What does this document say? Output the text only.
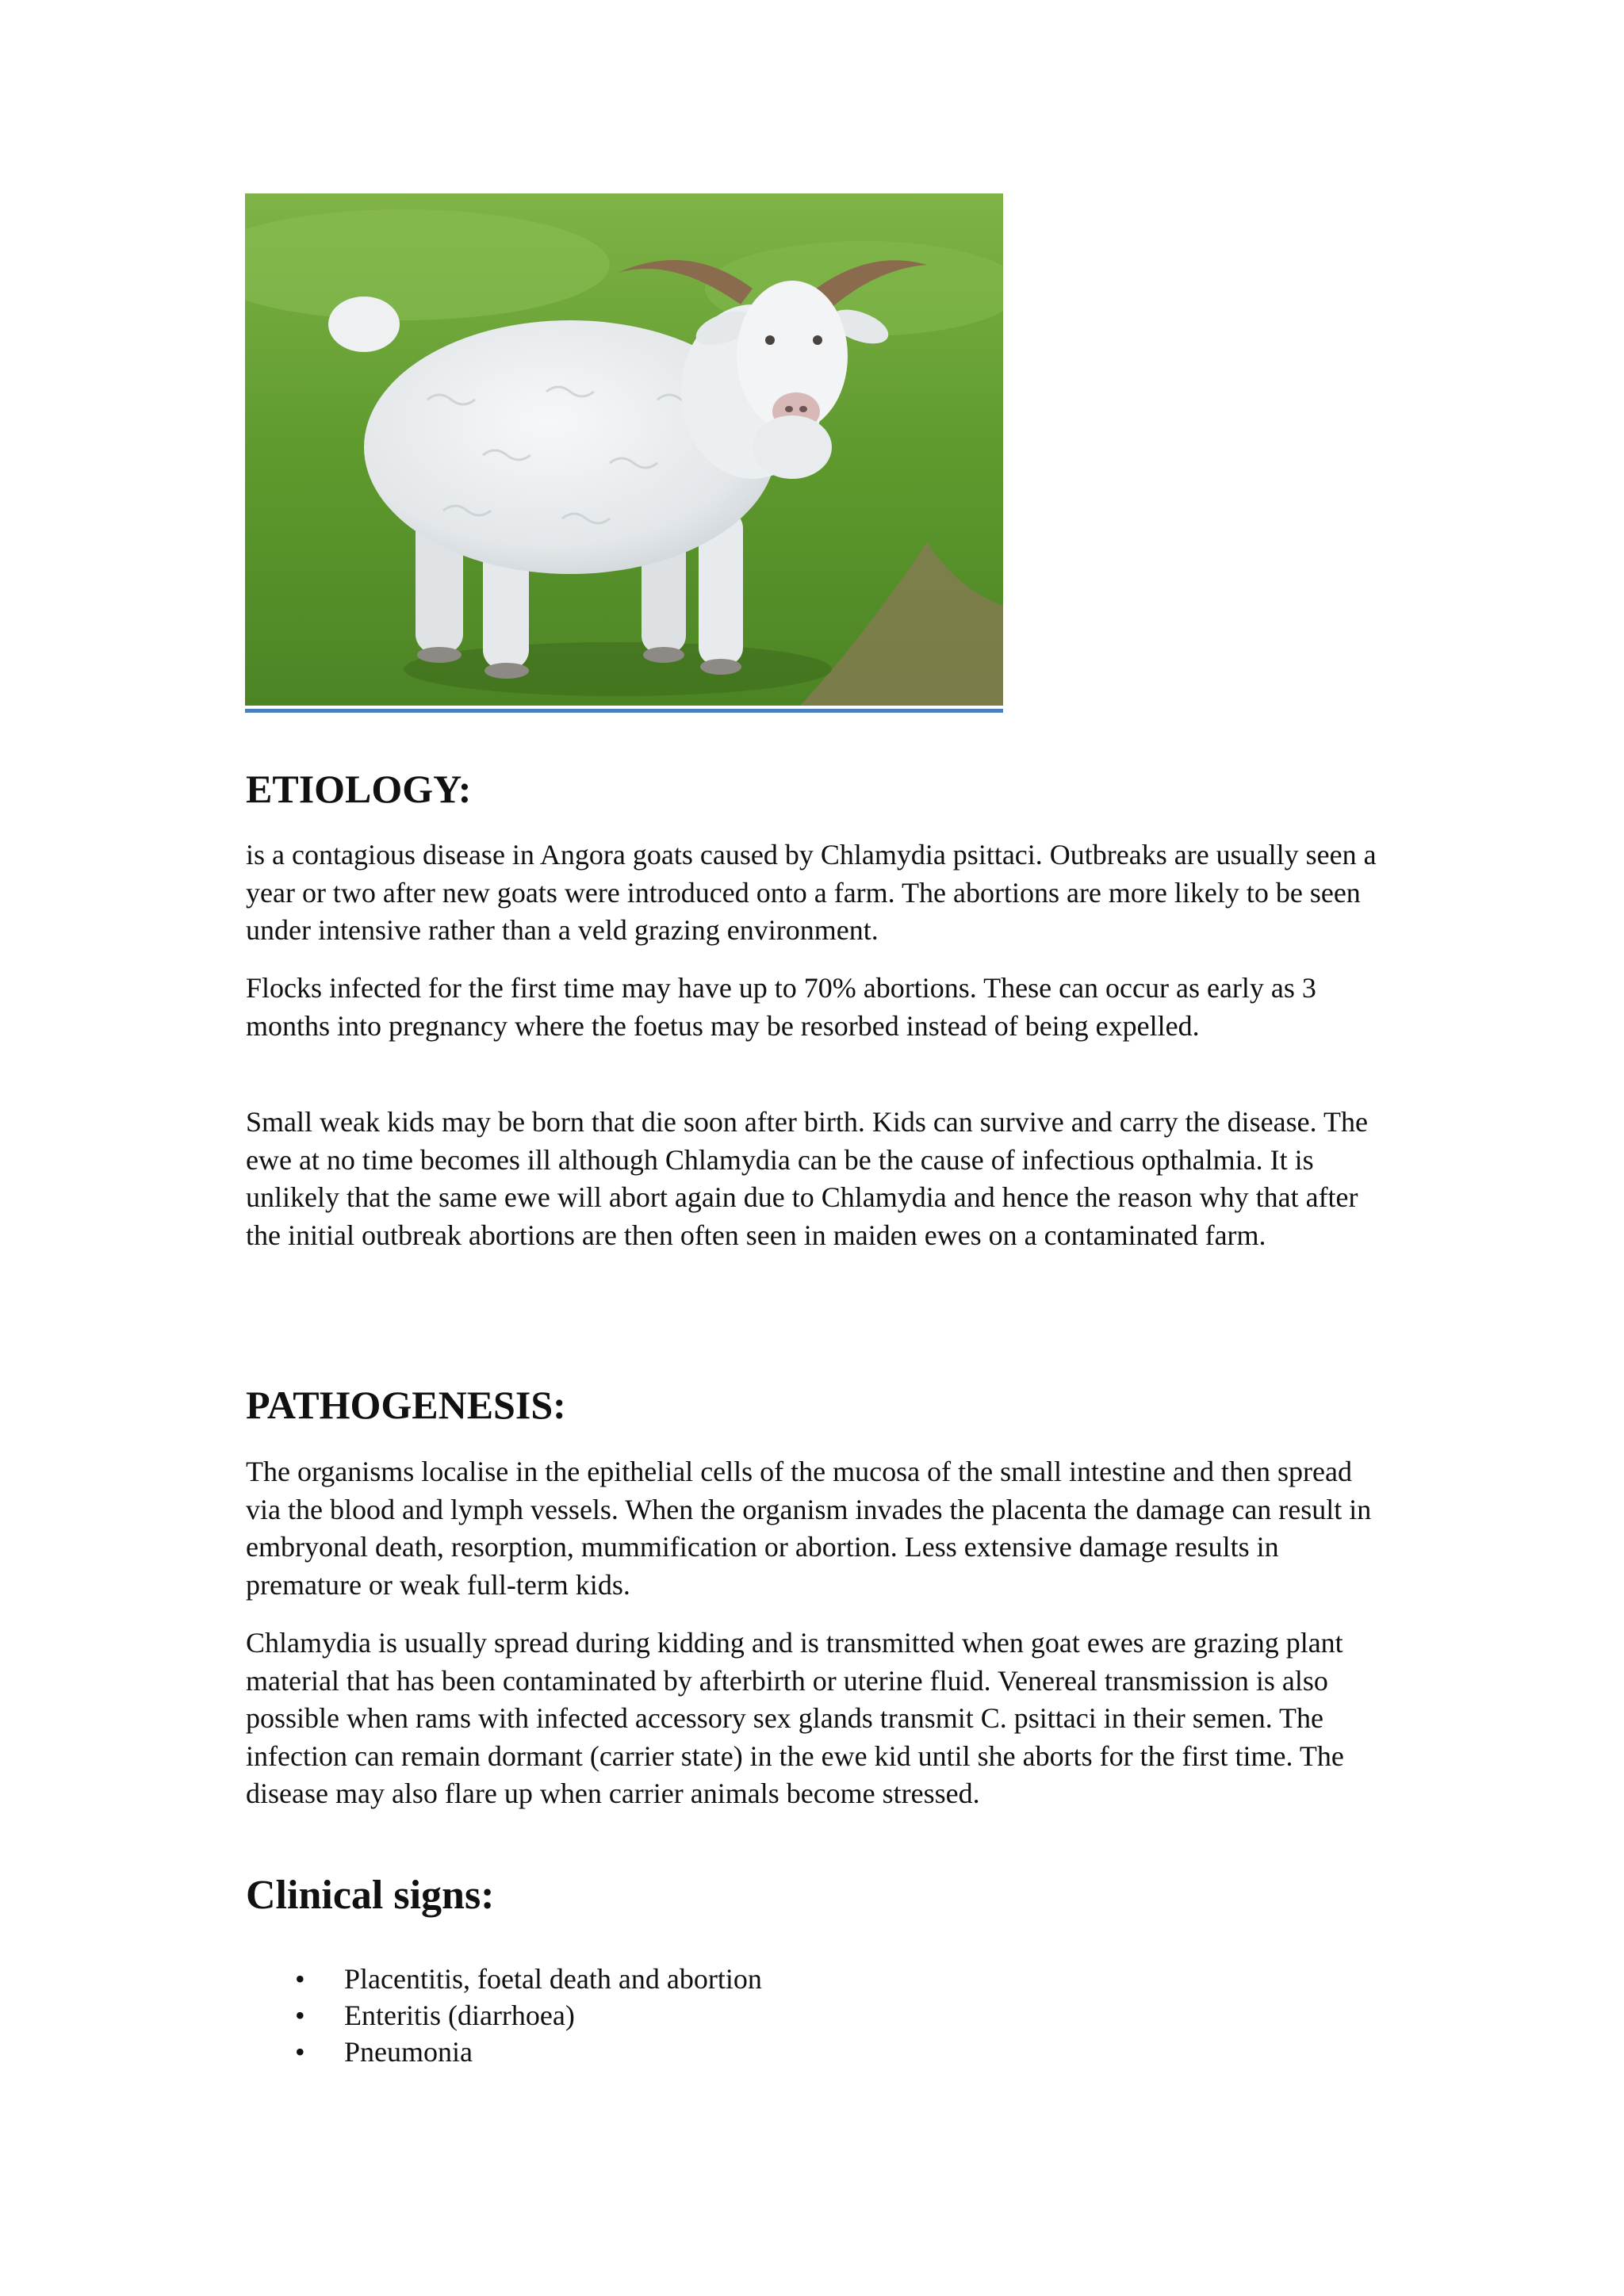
ETIOLOGY:

is a contagious disease in Angora goats caused by Chlamydia psittaci. Outbreaks are usually seen a year or two after new goats were introduced onto a farm. The abortions are more likely to be seen under intensive rather than a veld grazing environment.

Flocks infected for the first time may have up to 70% abortions. These can occur as early as 3 months into pregnancy where the foetus may be resorbed instead of being expelled.

Small weak kids may be born that die soon after birth. Kids can survive and carry the disease. The ewe at no time becomes ill although Chlamydia can be the cause of infectious opthalmia. It is unlikely that the same ewe will abort again due to Chlamydia and hence the reason why that after the initial outbreak abortions are then often seen in maiden ewes on a contaminated farm.

PATHOGENESIS:

The organisms localise in the epithelial cells of the mucosa of the small intestine and then spread via the blood and lymph vessels. When the organism invades the placenta the damage can result in embryonal death, resorption, mummification or abortion. Less extensive damage results in premature or weak full-term kids.

Chlamydia is usually spread during kidding and is transmitted when goat ewes are grazing plant material that has been contaminated by afterbirth or uterine fluid. Venereal transmission is also possible when rams with infected accessory sex glands transmit C. psittaci in their semen. The infection can remain dormant (carrier state) in the ewe kid until she aborts for the first time. The disease may also flare up when carrier animals become stressed.

Clinical signs:
• Placentitis, foetal death and abortion
• Enteritis (diarrhoea)
• Pneumonia
